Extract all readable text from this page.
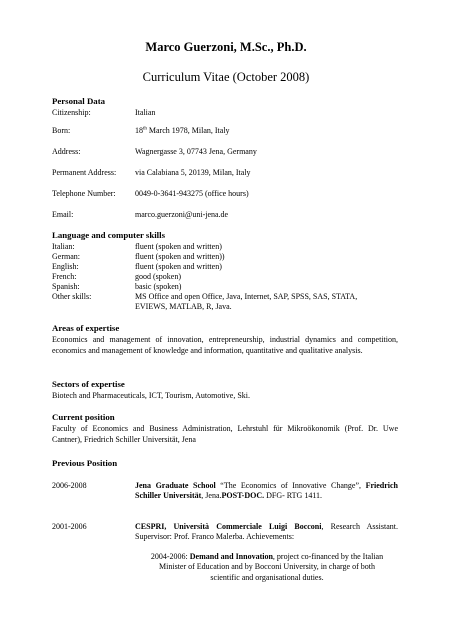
Marco Guerzoni, M.Sc., Ph.D.
Curriculum Vitae (October 2008)
Personal Data
Citizenship:	Italian
Born:	18th March 1978, Milan, Italy
Address:	Wagnergasse 3, 07743 Jena, Germany
Permanent Address: via Calabiana 5, 20139, Milan, Italy
Telephone Number: 0049-0-3641-943275 (office hours)
Email:	marco.guerzoni@uni-jena.de
Language and computer skills
Italian:	fluent (spoken and written)
German:	fluent (spoken and written))
English:	fluent (spoken and written)
French:	good (spoken)
Spanish:	basic (spoken)
Other skills:	MS Office and open Office, Java, Internet, SAP, SPSS, SAS, STATA,
EVIEWS, MATLAB, R, Java.
Areas of expertise
Economics and management of innovation, entrepreneurship, industrial dynamics and competition, economics and management of knowledge and information, quantitative and qualitative analysis.
Sectors of expertise
Biotech and Pharmaceuticals, ICT, Tourism, Automotive, Ski.
Current position
Faculty of Economics and Business Administration, Lehrstuhl für Mikroökonomik (Prof. Dr. Uwe Cantner), Friedrich Schiller Universität, Jena
Previous Position
2006-2008	Jena Graduate School “The Economics of Innovative Change”, Friedrich Schiller Universität, Jena.POST-DOC. DFG- RTG 1411.
2001-2006	CESPRI, Università Commerciale Luigi Bocconi, Research Assistant. Supervisor: Prof. Franco Malerba. Achievements:
2004-2006: Demand and Innovation, project co-financed by the Italian Minister of Education and by Bocconi University, in charge of both scientific and organisational duties.
